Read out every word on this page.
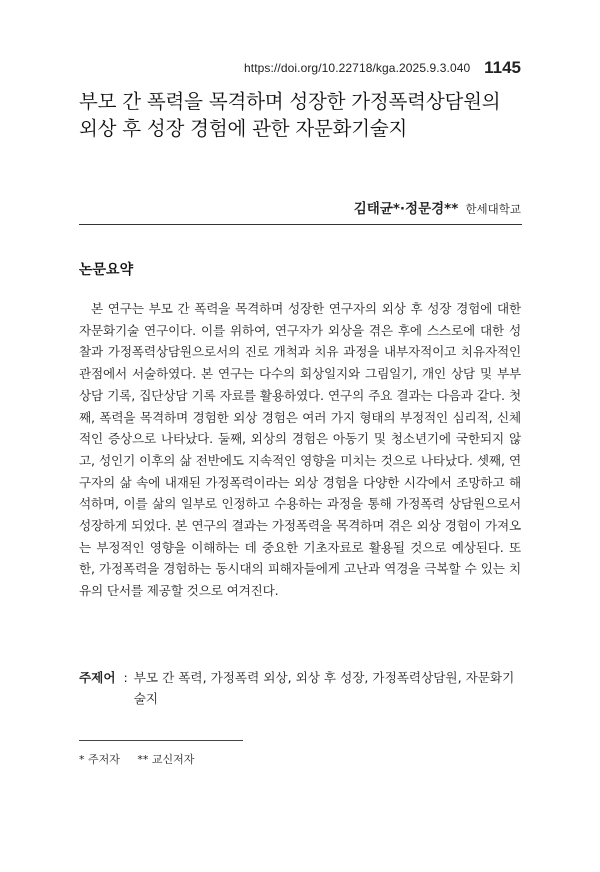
https://doi.org/10.22718/kga.2025.9.3.040 1145
부모 간 폭력을 목격하며 성장한 가정폭력상담원의
외상 후 성장 경험에 관한 자문화기술지
김태균*·정문경** 한세대학교
논문요약

본 연구는 부모 간 폭력을 목격하며 성장한 연구자의 외상 후 성장 경험에 대한 자문화기술 연구이다. 이를 위하여, 연구자가 외상을 겪은 후에 스스로에 대한 성찰과 가정폭력상담원으로서의 진로 개척과 치유 과정을 내부자적이고 치유자적인 관점에서 서술하였다. 본 연구는 다수의 회상일지와 그림일기, 개인 상담 및 부부 상담 기록, 집단상담 기록 자료를 활용하였다. 연구의 주요 결과는 다음과 같다. 첫째, 폭력을 목격하며 경험한 외상 경험은 여러 가지 형태의 부정적인 심리적, 신체적인 증상으로 나타났다. 둘째, 외상의 경험은 아동기 및 청소년기에 국한되지 않고, 성인기 이후의 삶 전반에도 지속적인 영향을 미치는 것으로 나타났다. 셋째, 연구자의 삶 속에 내재된 가정폭력이라는 외상 경험을 다양한 시각에서 조망하고 해석하며, 이를 삶의 일부로 인정하고 수용하는 과정을 통해 가정폭력 상담원으로서 성장하게 되었다. 본 연구의 결과는 가정폭력을 목격하며 겪은 외상 경험이 가져오는 부정적인 영향을 이해하는 데 중요한 기초자료로 활용될 것으로 예상된다. 또한, 가정폭력을 경험하는 동시대의 피해자들에게 고난과 역경을 극복할 수 있는 치유의 단서를 제공할 것으로 여겨진다.

주제어 : 부모 간 폭력, 가정폭력 외상, 외상 후 성장, 가정폭력상담원, 자문화기술지
* 주저자 ** 교신저자
